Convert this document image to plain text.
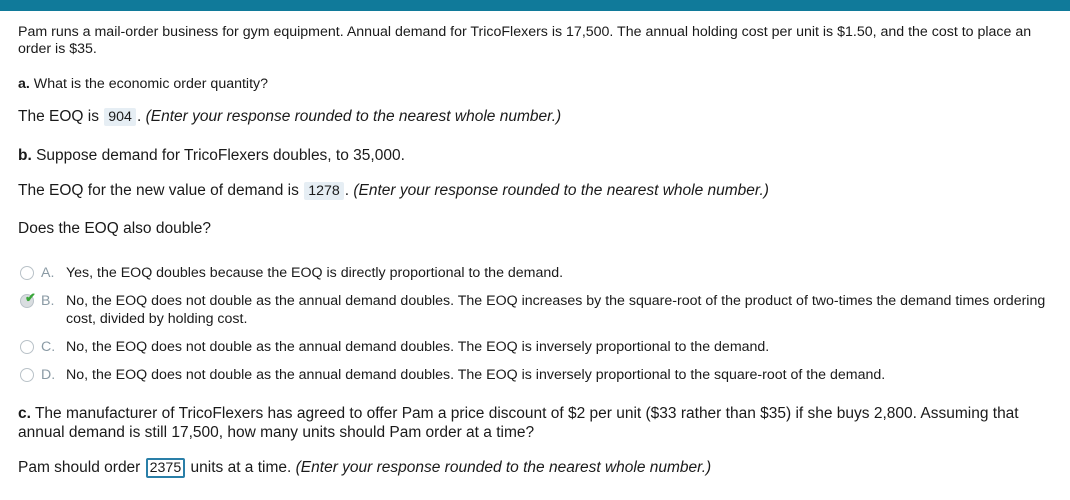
Pam runs a mail-order business for gym equipment. Annual demand for TricoFlexers is 17,500. The annual holding cost per unit is $1.50, and the cost to place an order is $35.
a. What is the economic order quantity?
The EOQ is 904 . (Enter your response rounded to the nearest whole number.)
b. Suppose demand for TricoFlexers doubles, to 35,000.
The EOQ for the new value of demand is 1278 . (Enter your response rounded to the nearest whole number.)
Does the EOQ also double?
A. Yes, the EOQ doubles because the EOQ is directly proportional to the demand.
✔ B. No, the EOQ does not double as the annual demand doubles. The EOQ increases by the square-root of the product of two-times the demand times ordering cost, divided by holding cost.
C. No, the EOQ does not double as the annual demand doubles. The EOQ is inversely proportional to the demand.
D. No, the EOQ does not double as the annual demand doubles. The EOQ is inversely proportional to the square-root of the demand.
c. The manufacturer of TricoFlexers has agreed to offer Pam a price discount of $2 per unit ($33 rather than $35) if she buys 2,800. Assuming that annual demand is still 17,500, how many units should Pam order at a time?
Pam should order 2375 units at a time. (Enter your response rounded to the nearest whole number.)
